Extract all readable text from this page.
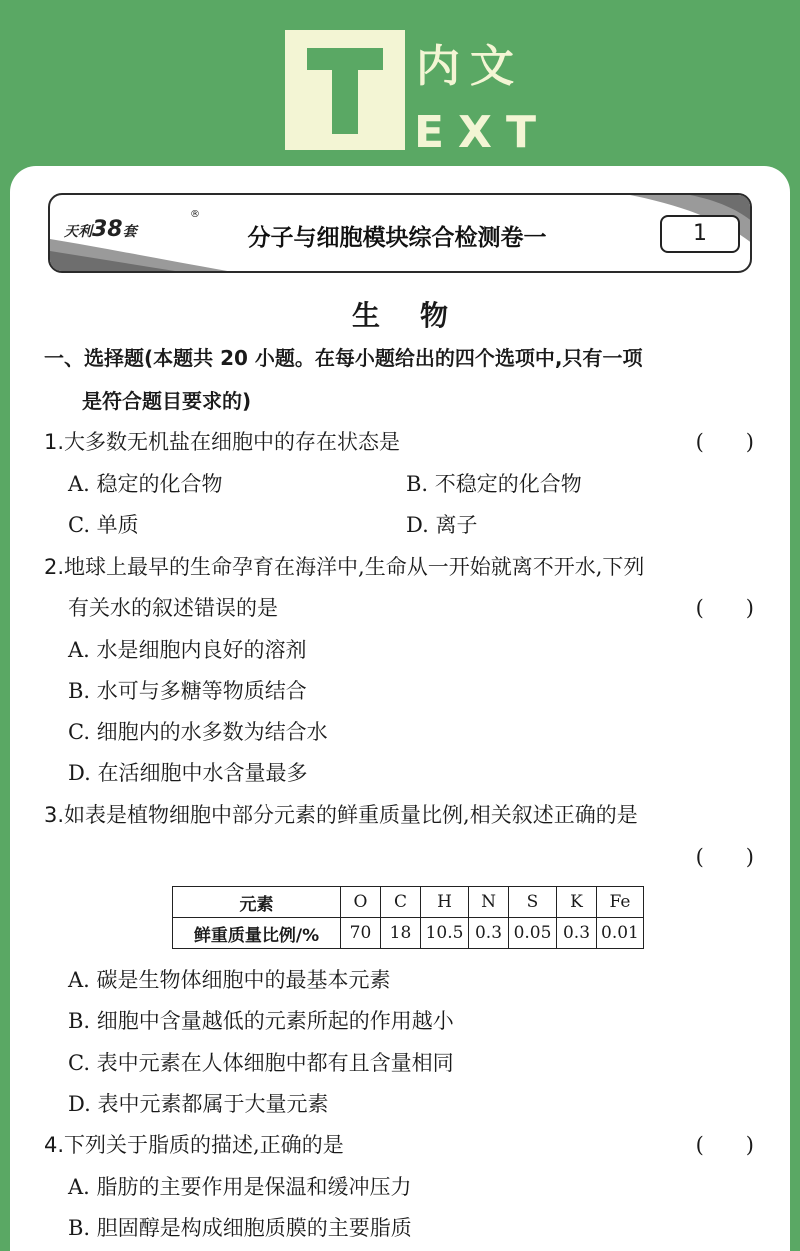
内文
EXT
天利38套
®
分子与细胞模块综合检测卷一	1
生物
一、选择题(本题共 20 小题。在每小题给出的四个选项中,只有一项
是符合题目要求的)
1.大多数无机盐在细胞中的存在状态是	(　　)
A. 稳定的化合物	B. 不稳定的化合物
C. 单质	D. 离子
2.地球上最早的生命孕育在海洋中,生命从一开始就离不开水,下列
有关水的叙述错误的是	(　　)
A. 水是细胞内良好的溶剂
B. 水可与多糖等物质结合
C. 细胞内的水多数为结合水
D. 在活细胞中水含量最多
3.如表是植物细胞中部分元素的鲜重质量比例,相关叙述正确的是
(　　)
元素	O	C	H	N	S	K	Fe
鲜重质量比例/%	70	18	10.5	0.3	0.05	0.3	0.01
A. 碳是生物体细胞中的最基本元素
B. 细胞中含量越低的元素所起的作用越小
C. 表中元素在人体细胞中都有且含量相同
D. 表中元素都属于大量元素
4.下列关于脂质的描述,正确的是	(　　)
A. 脂肪的主要作用是保温和缓冲压力
B. 胆固醇是构成细胞质膜的主要脂质
